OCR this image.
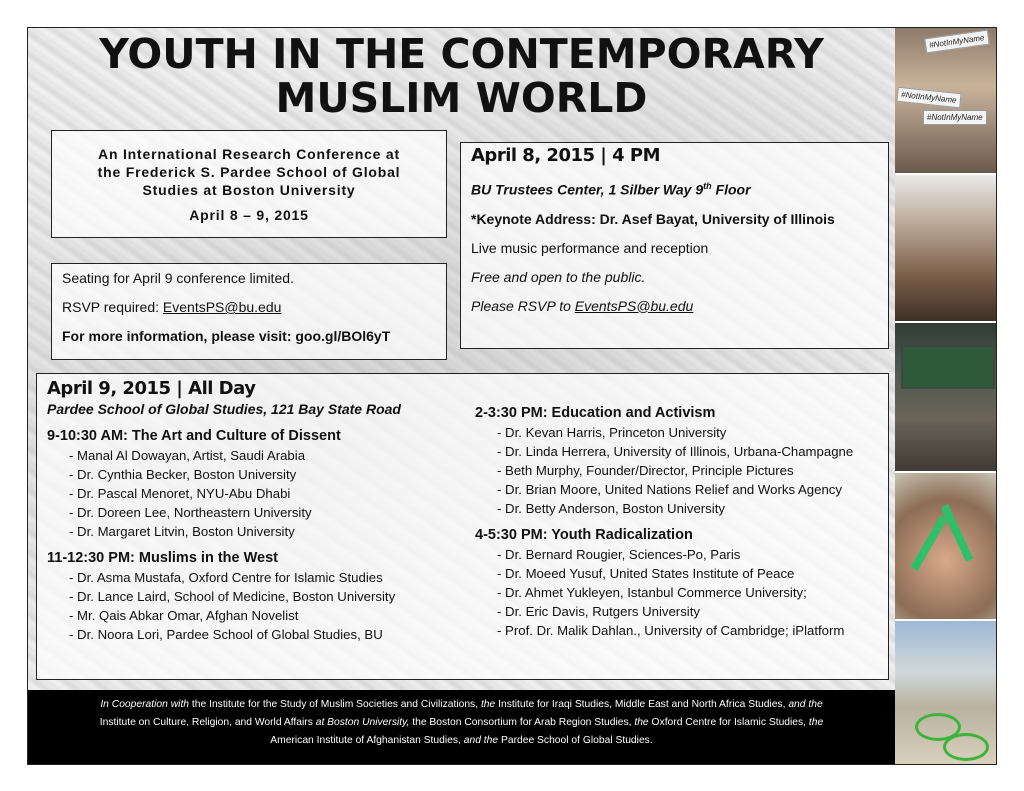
YOUTH IN THE CONTEMPORARY
MUSLIM WORLD
An International Research Conference at
the Frederick S. Pardee School of Global
Studies at Boston University
April 8 – 9, 2015

Seating for April 9 conference limited.

RSVP required: EventsPS@bu.edu

For more information, please visit: goo.gl/BOl6yT

April 8, 2015 | 4 PM

BU Trustees Center, 1 Silber Way 9th Floor

*Keynote Address: Dr. Asef Bayat, University of Illinois

Live music performance and reception

Free and open to the public.

Please RSVP to EventsPS@bu.edu

April 9, 2015 | All Day
Pardee School of Global Studies, 121 Bay State Road
9-10:30 AM: The Art and Culture of Dissent
- Manal Al Dowayan, Artist, Saudi Arabia
- Dr. Cynthia Becker, Boston University
- Dr. Pascal Menoret, NYU-Abu Dhabi
- Dr. Doreen Lee, Northeastern University
- Dr. Margaret Litvin, Boston University
11-12:30 PM: Muslims in the West
- Dr. Asma Mustafa, Oxford Centre for Islamic Studies
- Dr. Lance Laird, School of Medicine, Boston University
- Mr. Qais Abkar Omar, Afghan Novelist
- Dr. Noora Lori, Pardee School of Global Studies, BU
2-3:30 PM: Education and Activism
- Dr. Kevan Harris, Princeton University
- Dr. Linda Herrera, University of Illinois, Urbana-Champagne
- Beth Murphy, Founder/Director, Principle Pictures
- Dr. Brian Moore, United Nations Relief and Works Agency
- Dr. Betty Anderson, Boston University
4-5:30 PM: Youth Radicalization
- Dr. Bernard Rougier, Sciences-Po, Paris
- Dr. Moeed Yusuf, United States Institute of Peace
- Dr. Ahmet Yukleyen, Istanbul Commerce University;
- Dr. Eric Davis, Rutgers University
- Prof. Dr. Malik Dahlan., University of Cambridge; iPlatform
In Cooperation with the Institute for the Study of Muslim Societies and Civilizations, the Institute for Iraqi Studies, Middle East and North Africa Studies, and the
Institute on Culture, Religion, and World Affairs at Boston University, the Boston Consortium for Arab Region Studies, the Oxford Centre for Islamic Studies, the
American Institute of Afghanistan Studies, and the Pardee School of Global Studies.
#NotInMyName
#NotInMyName
#NotInMyName
